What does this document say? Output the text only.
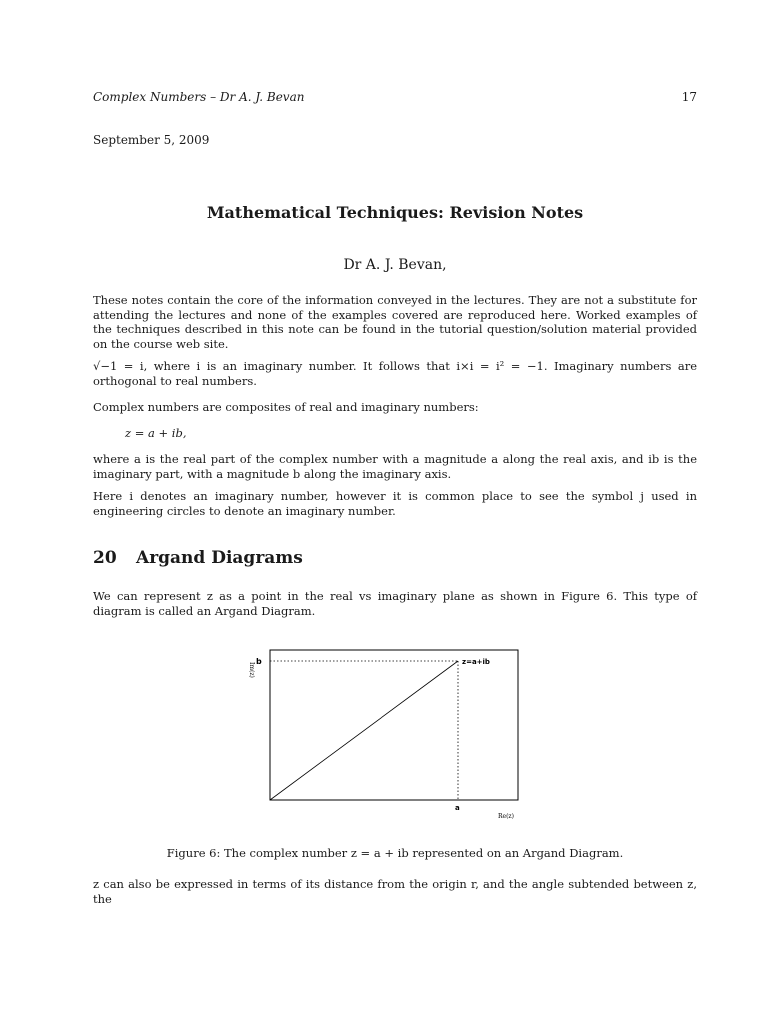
Complex Numbers – Dr A. J. Bevan	17
September 5, 2009
Mathematical Techniques: Revision Notes
Dr A. J. Bevan,
These notes contain the core of the information conveyed in the lectures. They are not a substitute for attending the lectures and none of the examples covered are reproduced here. Worked examples of the techniques described in this note can be found in the tutorial question/solution material provided on the course web site.
√−1 = i, where i is an imaginary number. It follows that i×i = i² = −1. Imaginary numbers are orthogonal to real numbers.
Complex numbers are composites of real and imaginary numbers:
z = a + ib,
where a is the real part of the complex number with a magnitude a along the real axis, and ib is the imaginary part, with a magnitude b along the imaginary axis.
Here i denotes an imaginary number, however it is common place to see the symbol j used in engineering circles to denote an imaginary number.
20	Argand Diagrams
We can represent z as a point in the real vs imaginary plane as shown in Figure 6. This type of diagram is called an Argand Diagram.
Im(z)
b	z=a+ib
a
Re(z)
Figure 6: The complex number z = a + ib represented on an Argand Diagram.
z can also be expressed in terms of its distance from the origin r, and the angle subtended between z, the
